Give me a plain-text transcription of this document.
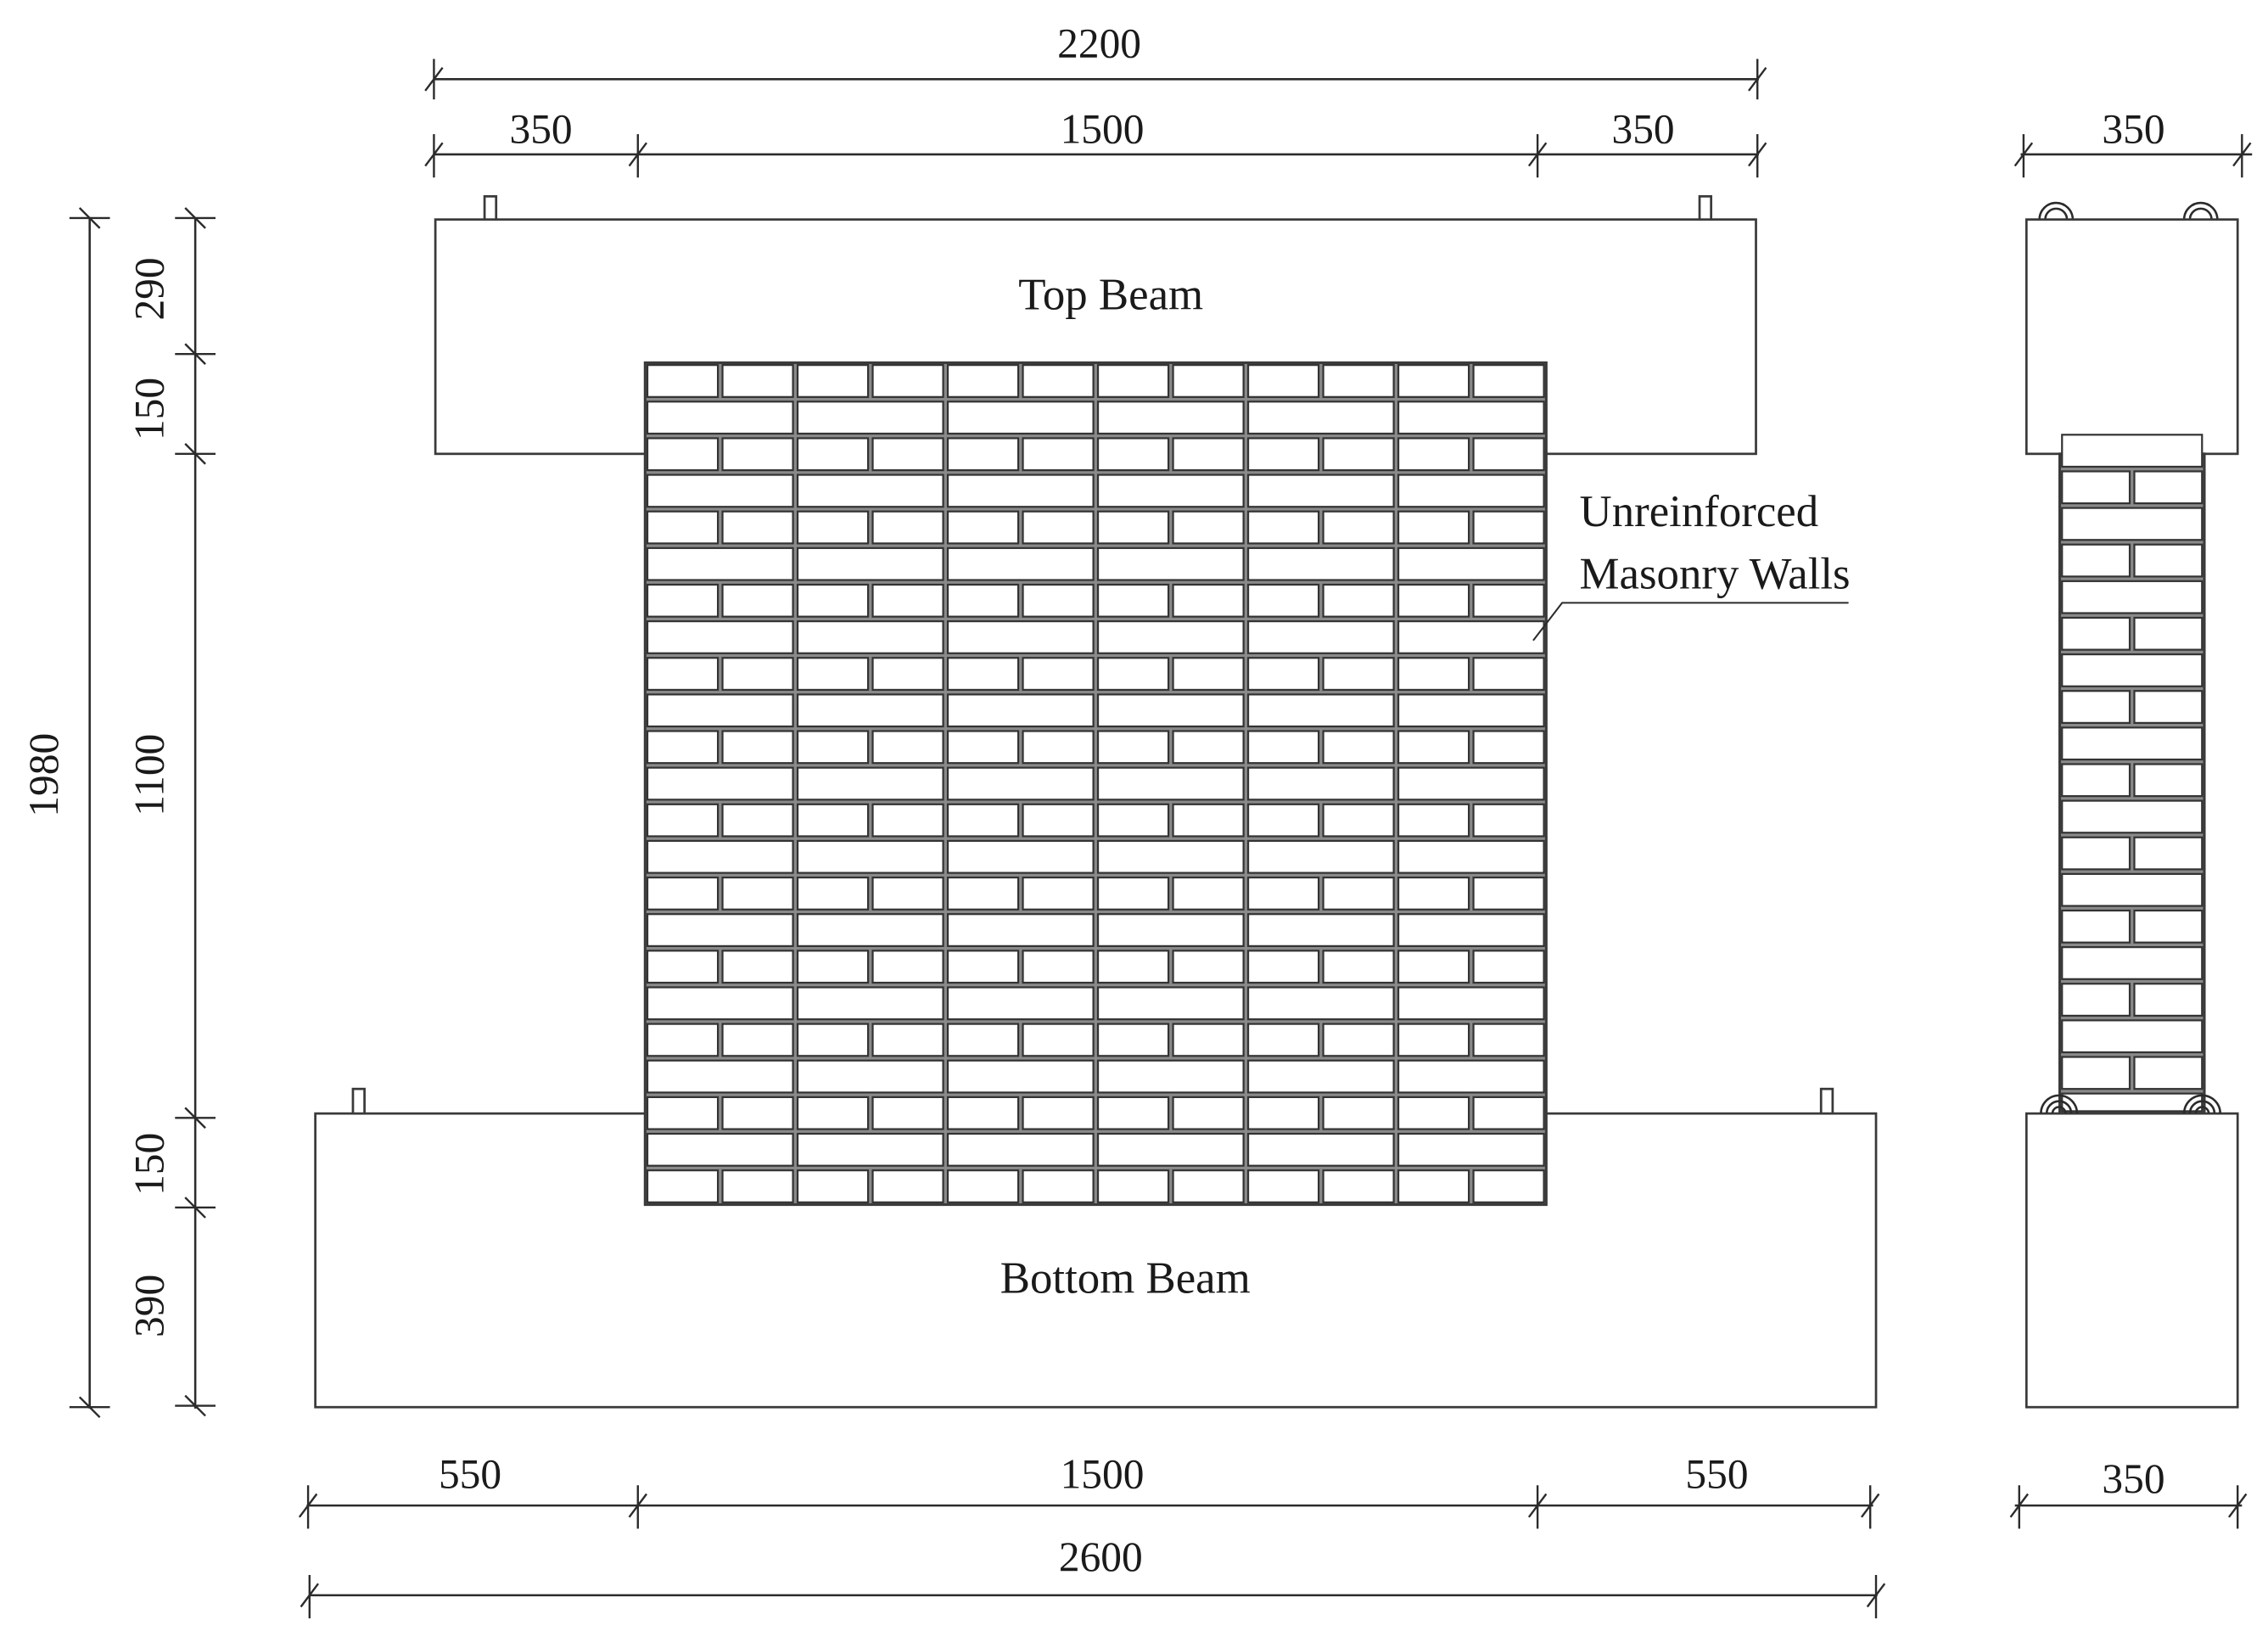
2200
350	1500	350
Top Beam
Bottom Beam
Unreinforced
Masonry Walls
1980
290
150
1100
150
390
550	1500	550
2600
350
350
